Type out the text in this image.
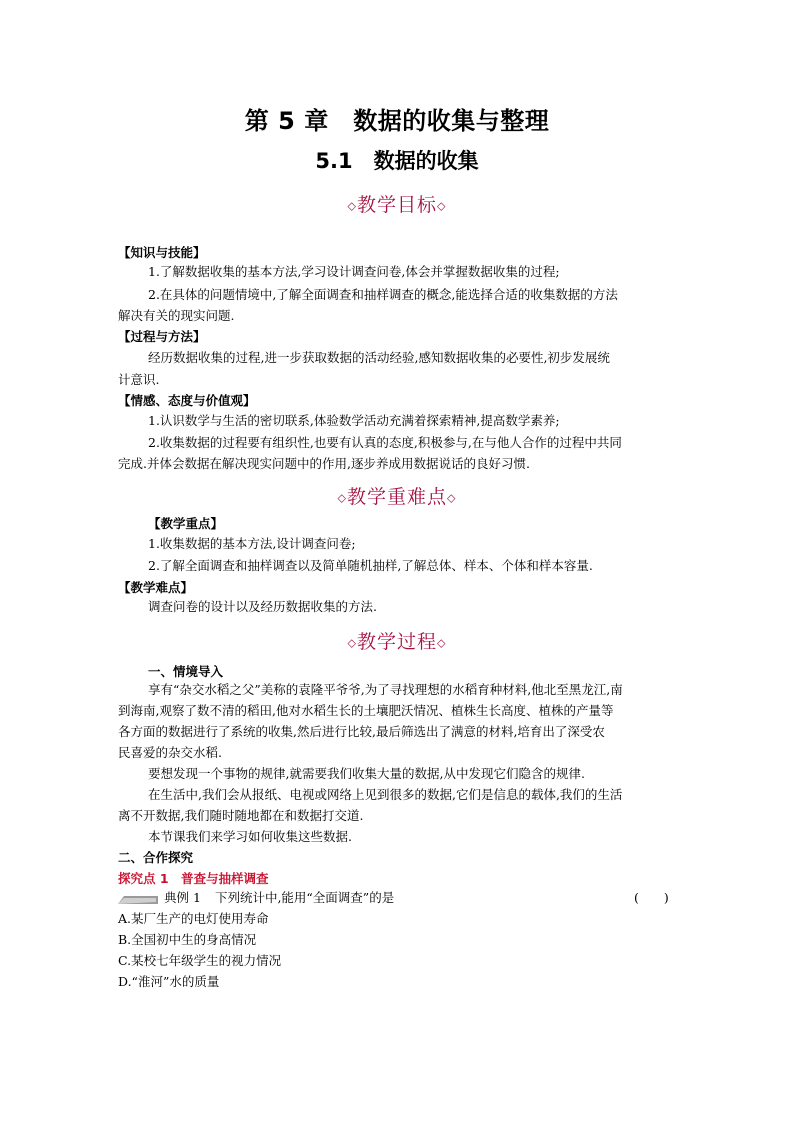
第 5 章　数据的收集与整理
5.1　数据的收集
◇教学目标◇
【知识与技能】
1.了解数据收集的基本方法,学习设计调查问卷,体会并掌握数据收集的过程;
2.在具体的问题情境中,了解全面调查和抽样调查的概念,能选择合适的收集数据的方法
解决有关的现实问题.
【过程与方法】
经历数据收集的过程,进一步获取数据的活动经验,感知数据收集的必要性,初步发展统
计意识.
【情感、态度与价值观】
1.认识数学与生活的密切联系,体验数学活动充满着探索精神,提高数学素养;
2.收集数据的过程要有组织性,也要有认真的态度,积极参与,在与他人合作的过程中共同
完成.并体会数据在解决现实问题中的作用,逐步养成用数据说话的良好习惯.
◇教学重难点◇
【教学重点】
1.收集数据的基本方法,设计调查问卷;
2.了解全面调查和抽样调查以及简单随机抽样,了解总体、样本、个体和样本容量.
【教学难点】
调查问卷的设计以及经历数据收集的方法.
◇教学过程◇
一、情境导入
享有“杂交水稻之父”美称的袁隆平爷爷,为了寻找理想的水稻育种材料,他北至黑龙江,南
到海南,观察了数不清的稻田,他对水稻生长的土壤肥沃情况、植株生长高度、植株的产量等
各方面的数据进行了系统的收集,然后进行比较,最后筛选出了满意的材料,培育出了深受农
民喜爱的杂交水稻.
要想发现一个事物的规律,就需要我们收集大量的数据,从中发现它们隐含的规律.
在生活中,我们会从报纸、电视或网络上见到很多的数据,它们是信息的载体,我们的生活
离不开数据,我们随时随地都在和数据打交道.
本节课我们来学习如何收集这些数据.
二、合作探究
探究点 1　普查与抽样调查
典例 1 下列统计中,能用“全面调查”的是	(　　)
A.某厂生产的电灯使用寿命
B.全国初中生的身高情况
C.某校七年级学生的视力情况
D.“淮河”水的质量
